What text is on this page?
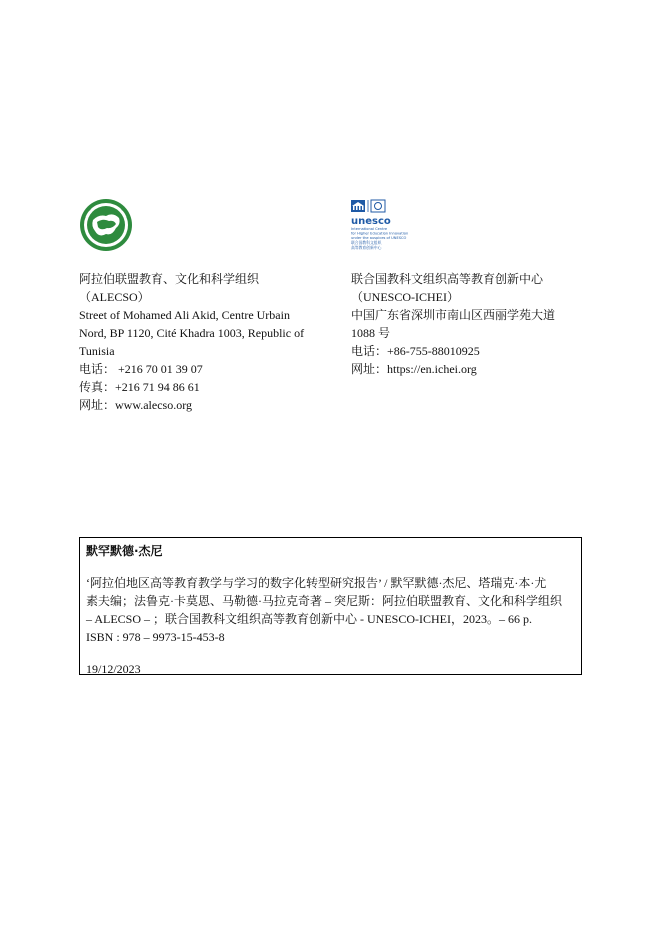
阿拉伯联盟教育、文化和科学组织
（ALECSO）
Street of Mohamed Ali Akid, Centre Urbain
Nord, BP 1120, Cité Khadra 1003, Republic of
Tunisia
电话： +216 70 01 39 07
传真：+216 71 94 86 61
网址：www.alecso.org
unesco
International Centre
for Higher Education Innovation
under the auspices of UNESCO
联合国教科文组织
高等教育创新中心
联合国教科文组织高等教育创新中心
（UNESCO-ICHEI）
中国广东省深圳市南山区西丽学苑大道
1088 号
电话：+86-755-88010925
网址：https://en.ichei.org
默罕默德·杰尼
‘阿拉伯地区高等教育教学与学习的数字化转型研究报告’ / 默罕默德·杰尼、塔瑞克·本·尤
素夫编；法鲁克·卡莫恩、马勒德·马拉克奇著 – 突尼斯：阿拉伯联盟教育、文化和科学组织
– ALECSO – ；联合国教科文组织高等教育创新中心 - UNESCO-ICHEI，2023。– 66 p.
ISBN : 978 – 9973-15-453-8
19/12/2023
